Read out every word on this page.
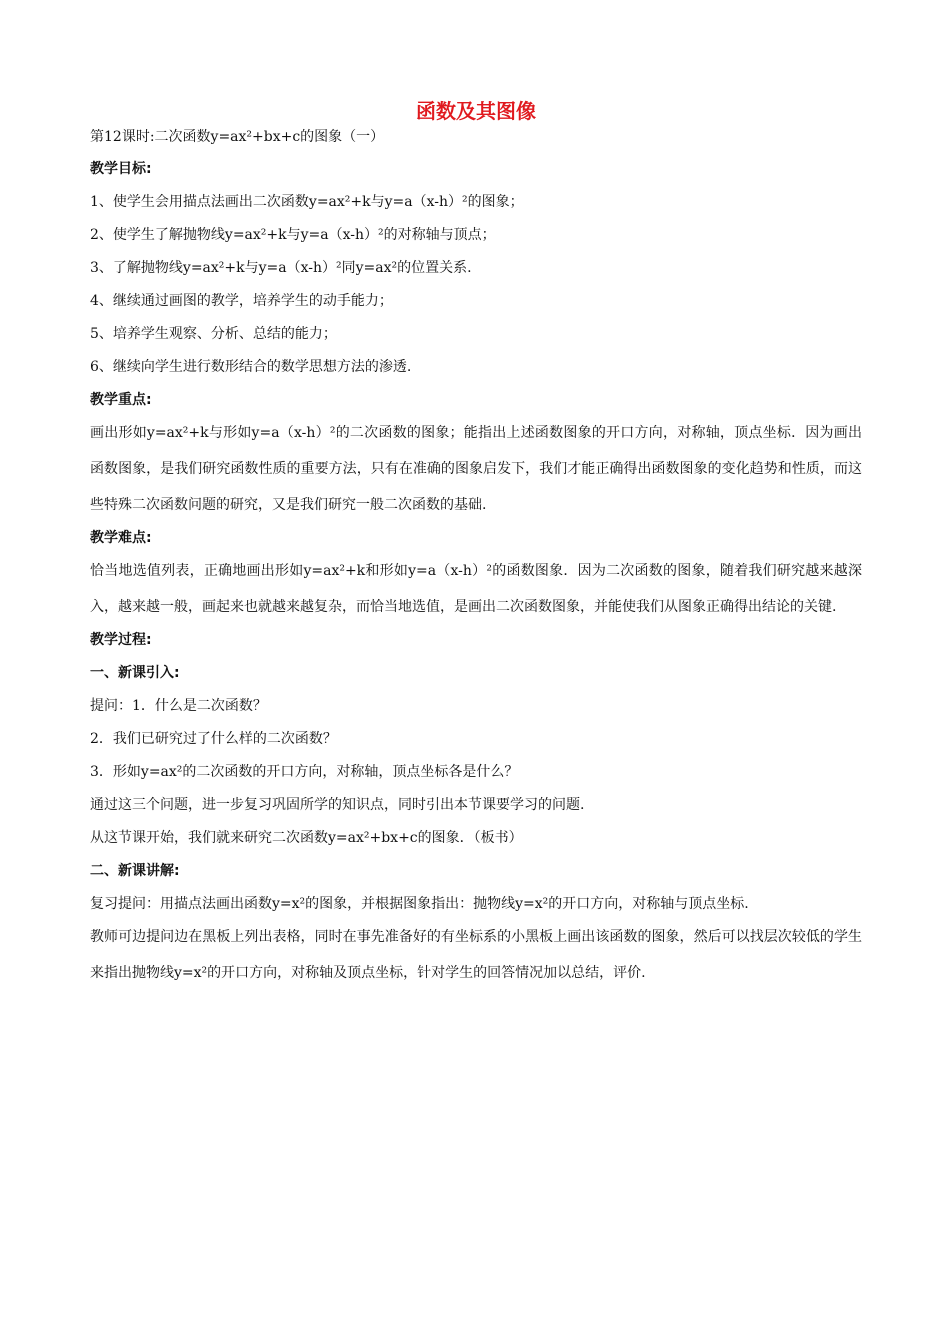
函数及其图像

第12课时:二次函数y=ax²+bx+c的图象（一）

教学目标:

1、使学生会用描点法画出二次函数y=ax²+k与y=a（x-h）²的图象；

2、使学生了解抛物线y=ax²+k与y=a（x-h）²的对称轴与顶点；

3、了解抛物线y=ax²+k与y=a（x-h）²同y=ax²的位置关系.

4、继续通过画图的教学，培养学生的动手能力；

5、培养学生观察、分析、总结的能力；

6、继续向学生进行数形结合的数学思想方法的渗透.

教学重点:

画出形如y=ax²+k与形如y=a（x-h）²的二次函数的图象；能指出上述函数图象的开口方向，对称轴，顶点坐标．因为画出函数图象，是我们研究函数性质的重要方法，只有在准确的图象启发下，我们才能正确得出函数图象的变化趋势和性质，而这些特殊二次函数问题的研究，又是我们研究一般二次函数的基础.

教学难点:

恰当地选值列表，正确地画出形如y=ax²+k和形如y=a（x-h）²的函数图象．因为二次函数的图象，随着我们研究越来越深入，越来越一般，画起来也就越来越复杂，而恰当地选值，是画出二次函数图象，并能使我们从图象正确得出结论的关键.

教学过程:

一、新课引入:

提问：1．什么是二次函数？

2．我们已研究过了什么样的二次函数？

3．形如y=ax²的二次函数的开口方向，对称轴，顶点坐标各是什么？

通过这三个问题，进一步复习巩固所学的知识点，同时引出本节课要学习的问题.

从这节课开始，我们就来研究二次函数y=ax²+bx+c的图象．（板书）

二、新课讲解:

复习提问：用描点法画出函数y=x²的图象，并根据图象指出：抛物线y=x²的开口方向，对称轴与顶点坐标.

教师可边提问边在黑板上列出表格，同时在事先准备好的有坐标系的小黑板上画出该函数的图象，然后可以找层次较低的学生来指出抛物线y=x²的开口方向，对称轴及顶点坐标，针对学生的回答情况加以总结，评价.
